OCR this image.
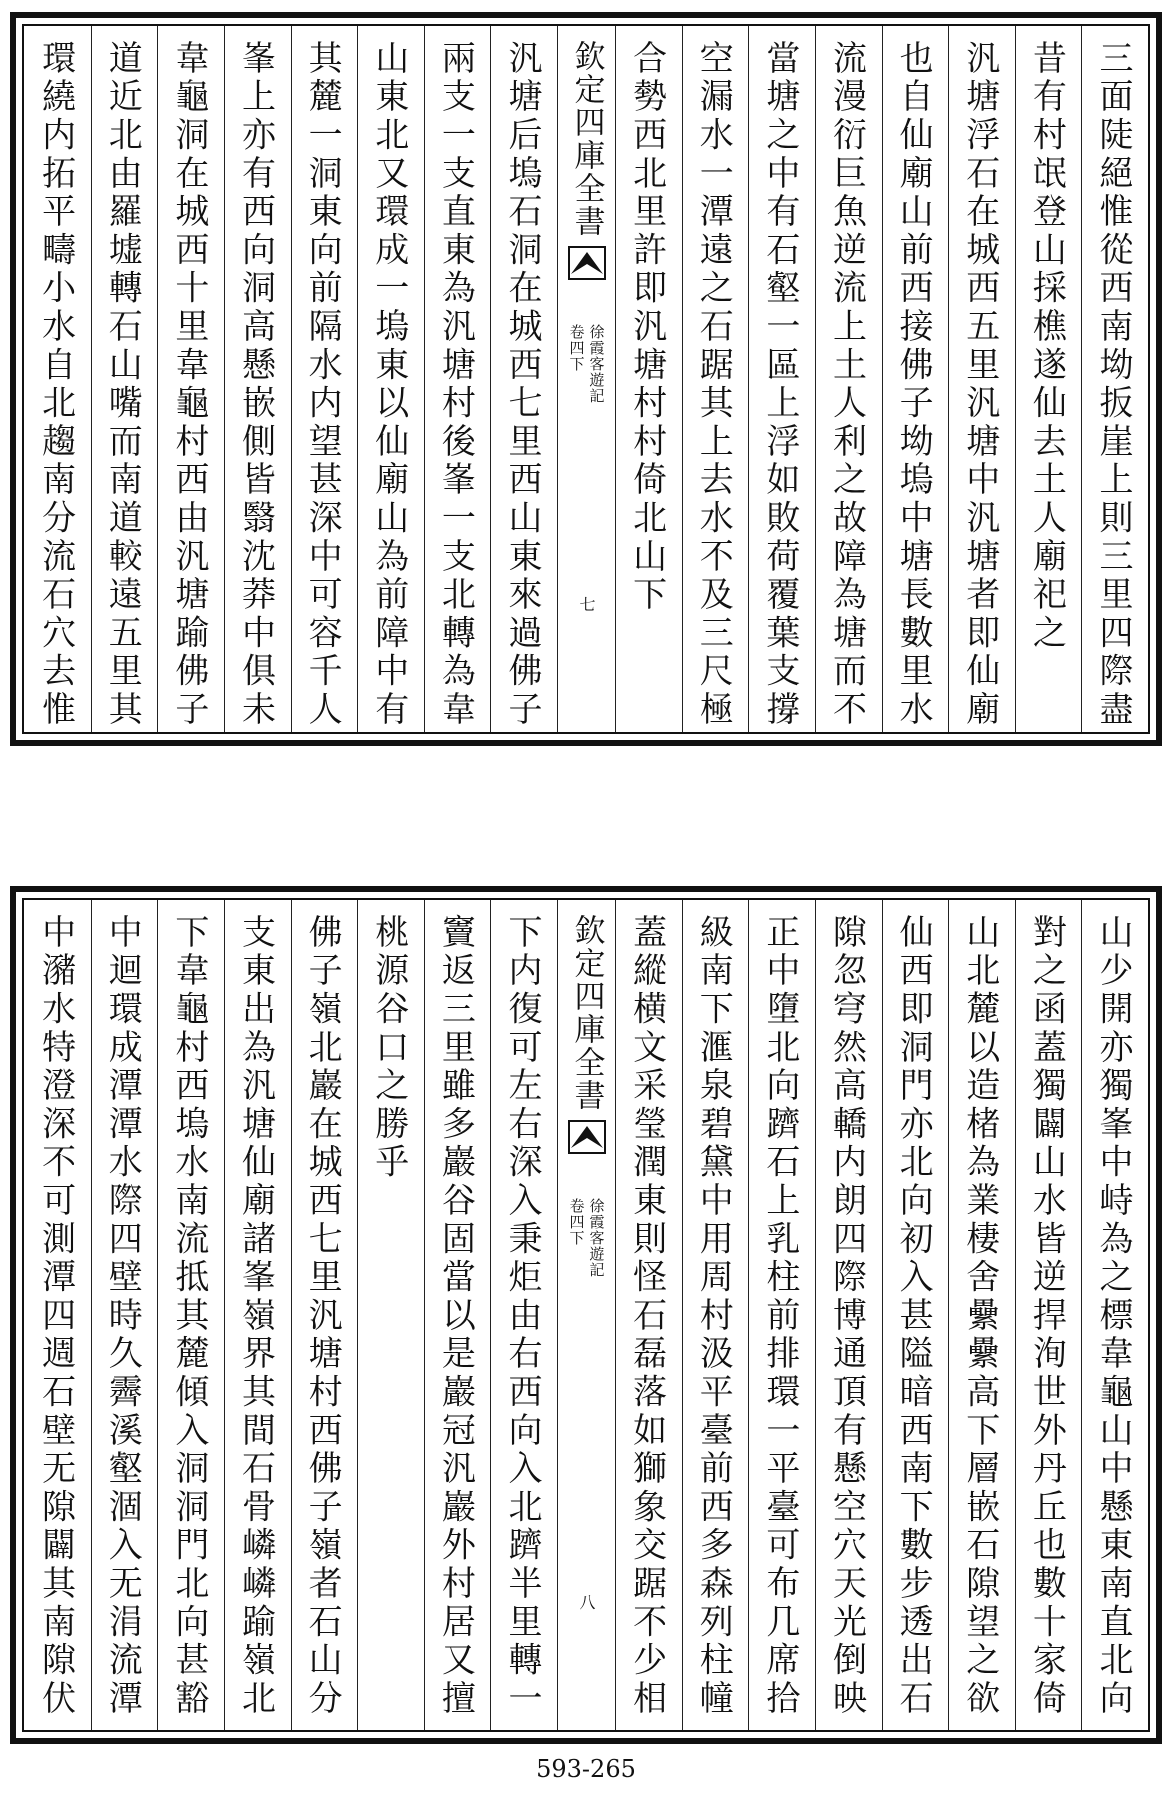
三面陡絕惟從西南坳扳崖上則三里四際盡
昔有村氓登山採樵遂仙去土人廟祀之
汎塘浮石在城西五里汎塘中汎塘者即仙廟
也自仙廟山前西接佛子坳塢中塘長數里水
流漫衍巨魚逆流上土人利之故障為塘而不
當塘之中有石壑一區上浮如敗荷覆葉支撐
空漏水一潭遠之石踞其上去水不及三尺極
合勢西北里許即汎塘村村倚北山下
欽定四庫全書
徐霞客遊記
卷四下
七
汎塘后塢石洞在城西七里西山東來過佛子
兩支一支直東為汎塘村後峯一支北轉為韋
山東北又環成一塢東以仙廟山為前障中有
其麓一洞東向前隔水内望甚深中可容千人
峯上亦有西向洞高懸嵌側皆翳沈莽中俱未
韋龜洞在城西十里韋龜村西由汎塘踰佛子
道近北由羅墟轉石山嘴而南道較遠五里其
環繞内拓平疇小水自北趨南分流石穴去惟
山少開亦獨峯中峙為之標韋龜山中懸東南直北向
對之函蓋獨闢山水皆逆捍洵世外丹丘也數十家倚
山北麓以造楮為業棲舍纍纍高下層嵌石隙望之欲
仙西即洞門亦北向初入甚隘暗西南下數步透出石
隙忽穹然高轎内朗四際博通頂有懸空穴天光倒映
正中墮北向躋石上乳柱前排環一平臺可布几席拾
級南下滙泉碧黛中用周村汲平臺前西多森列柱幢
蓋縱横文采瑩潤東則怪石磊落如獅象交踞不少相
欽定四庫全書
徐霞客遊記
卷四下
八
下内復可左右深入秉炬由右西向入北躋半里轉一
竇返三里雖多巖谷固當以是巖冠汎巖外村居又擅
桃源谷口之勝乎
佛子嶺北巖在城西七里汎塘村西佛子嶺者石山分
支東出為汎塘仙廟諸峯嶺界其間石骨嶙嶙踰嶺北
下韋龜村西塢水南流抵其麓傾入洞洞門北向甚豁
中迴環成潭潭水際四壁時久霽溪壑涸入无涓流潭
中瀦水特澄深不可測潭四週石壁无隙闢其南隙伏
593-265
